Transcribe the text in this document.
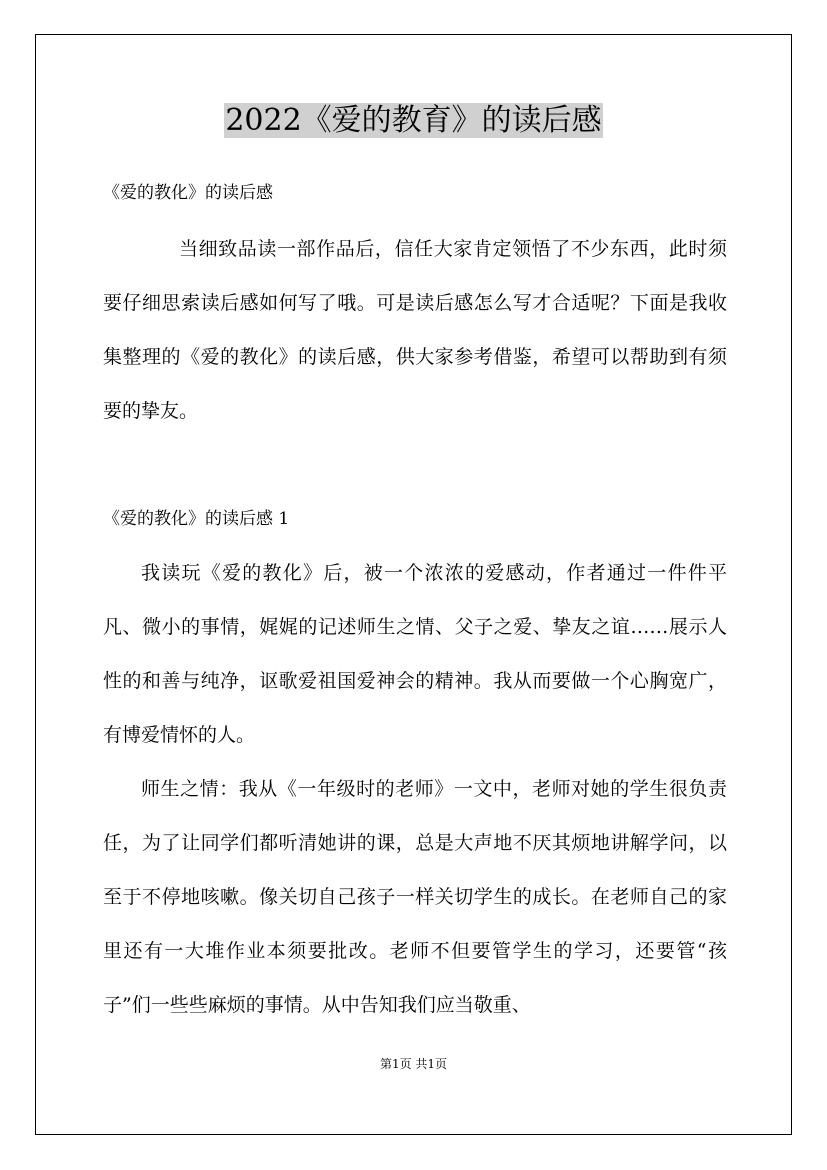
2022《爱的教育》的读后感

《爱的教化》的读后感

当细致品读一部作品后，信任大家肯定领悟了不少东西，此时须要仔细思索读后感如何写了哦。可是读后感怎么写才合适呢？下面是我收集整理的《爱的教化》的读后感，供大家参考借鉴，希望可以帮助到有须要的挚友。

《爱的教化》的读后感 1

我读玩《爱的教化》后，被一个浓浓的爱感动，作者通过一件件平凡、微小的事情，娓娓的记述师生之情、父子之爱、挚友之谊……展示人性的和善与纯净，讴歌爱祖国爱神会的精神。我从而要做一个心胸宽广，有博爱情怀的人。

师生之情：我从《一年级时的老师》一文中，老师对她的学生很负责任，为了让同学们都听清她讲的课，总是大声地不厌其烦地讲解学问，以至于不停地咳嗽。像关切自己孩子一样关切学生的成长。在老师自己的家里还有一大堆作业本须要批改。老师不但要管学生的学习，还要管“孩子”们一些些麻烦的事情。从中告知我们应当敬重、

第1页 共1页
